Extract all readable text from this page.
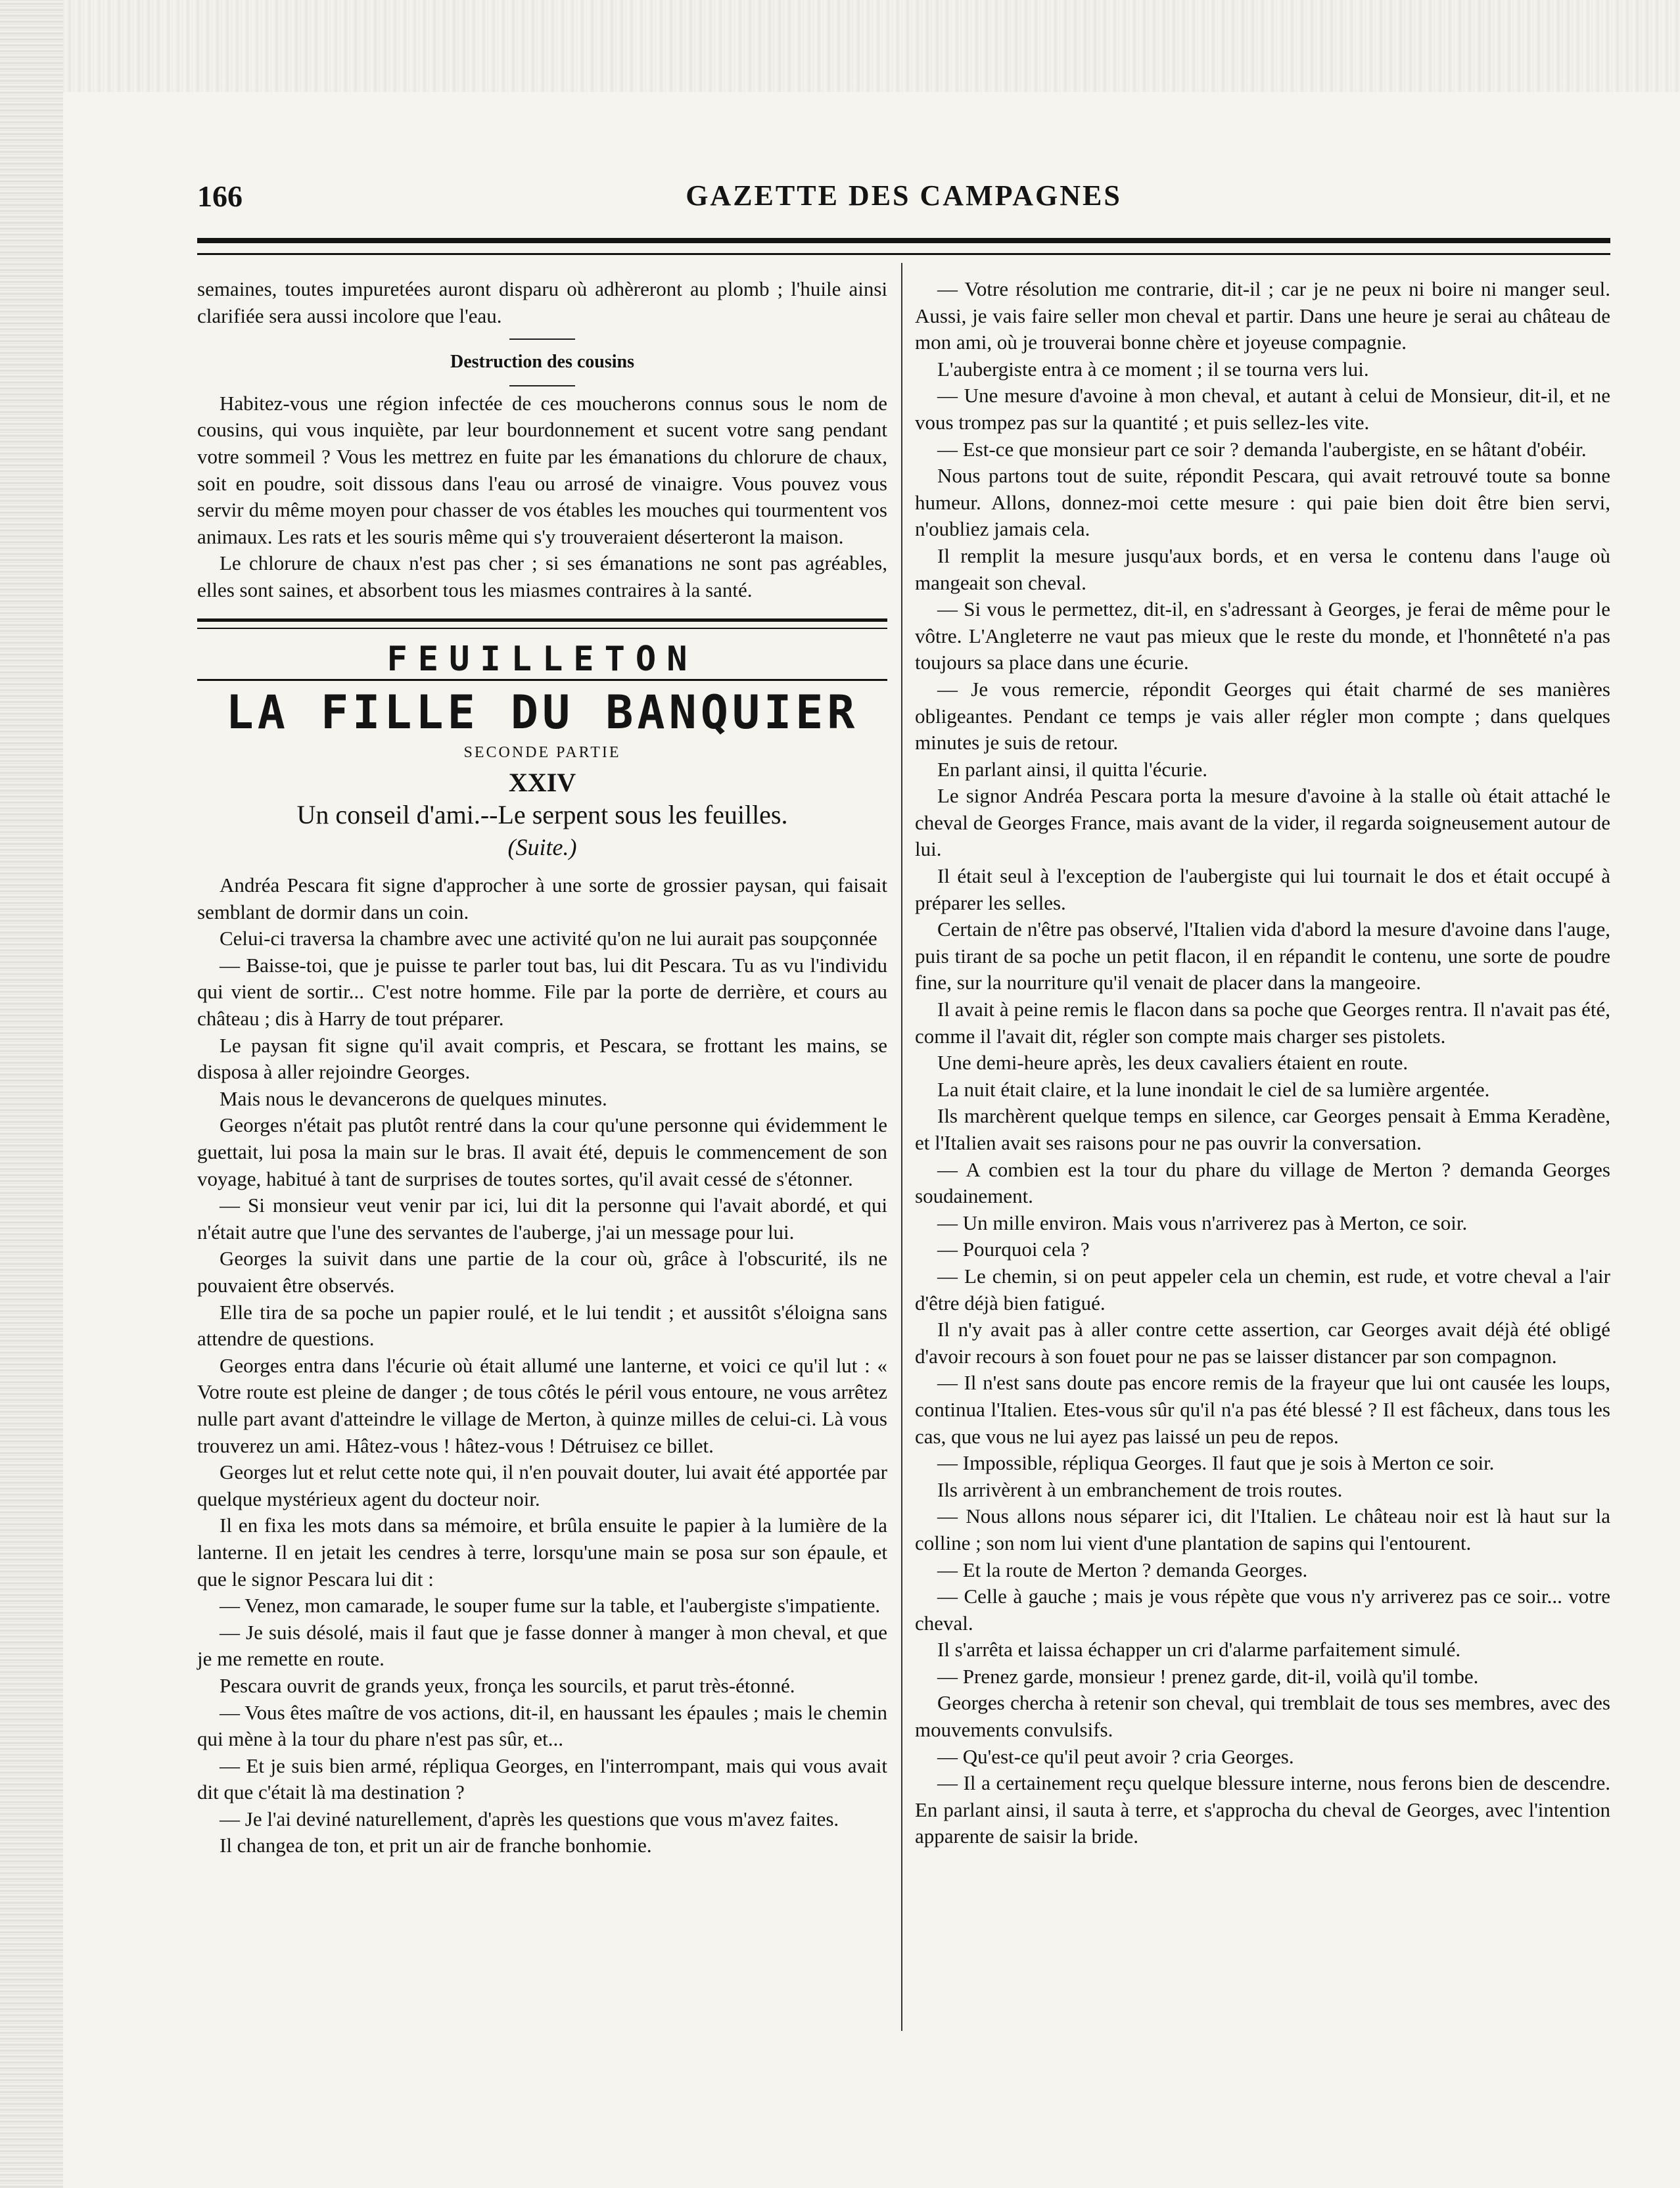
166	GAZETTE DES CAMPAGNES

semaines, toutes impuretées auront disparu où adhèreront au plomb ; l'huile ainsi clarifiée sera aussi incolore que l'eau.

Destruction des cousins

Habitez-vous une région infectée de ces moucherons connus sous le nom de cousins, qui vous inquiète, par leur bourdonnement et sucent votre sang pendant votre sommeil ? Vous les mettrez en fuite par les émanations du chlorure de chaux, soit en poudre, soit dissous dans l'eau ou arrosé de vinaigre. Vous pouvez vous servir du même moyen pour chasser de vos étables les mouches qui tourmentent vos animaux. Les rats et les souris même qui s'y trouveraient déserteront la maison.

Le chlorure de chaux n'est pas cher ; si ses émanations ne sont pas agréables, elles sont saines, et absorbent tous les miasmes contraires à la santé.

FEUILLETON
LA FILLE DU BANQUIER
SECONDE PARTIE
XXIV
Un conseil d'ami.--Le serpent sous les feuilles.
(Suite.)

Andréa Pescara fit signe d'approcher à une sorte de grossier paysan, qui faisait semblant de dormir dans un coin.

Celui-ci traversa la chambre avec une activité qu'on ne lui aurait pas soupçonnée

— Baisse-toi, que je puisse te parler tout bas, lui dit Pescara. Tu as vu l'individu qui vient de sortir... C'est notre homme. File par la porte de derrière, et cours au château ; dis à Harry de tout préparer.

Le paysan fit signe qu'il avait compris, et Pescara, se frottant les mains, se disposa à aller rejoindre Georges.

Mais nous le devancerons de quelques minutes.

Georges n'était pas plutôt rentré dans la cour qu'une personne qui évidemment le guettait, lui posa la main sur le bras. Il avait été, depuis le commencement de son voyage, habitué à tant de surprises de toutes sortes, qu'il avait cessé de s'étonner.

— Si monsieur veut venir par ici, lui dit la personne qui l'avait abordé, et qui n'était autre que l'une des servantes de l'auberge, j'ai un message pour lui.

Georges la suivit dans une partie de la cour où, grâce à l'obscurité, ils ne pouvaient être observés.

Elle tira de sa poche un papier roulé, et le lui tendit ; et aussitôt s'éloigna sans attendre de questions.

Georges entra dans l'écurie où était allumé une lanterne, et voici ce qu'il lut : « Votre route est pleine de danger ; de tous côtés le péril vous entoure, ne vous arrêtez nulle part avant d'atteindre le village de Merton, à quinze milles de celui-ci. Là vous trouverez un ami. Hâtez-vous ! hâtez-vous ! Détruisez ce billet.

Georges lut et relut cette note qui, il n'en pouvait douter, lui avait été apportée par quelque mystérieux agent du docteur noir.

Il en fixa les mots dans sa mémoire, et brûla ensuite le papier à la lumière de la lanterne. Il en jetait les cendres à terre, lorsqu'une main se posa sur son épaule, et que le signor Pescara lui dit :

— Venez, mon camarade, le souper fume sur la table, et l'aubergiste s'impatiente.

— Je suis désolé, mais il faut que je fasse donner à manger à mon cheval, et que je me remette en route.

Pescara ouvrit de grands yeux, fronça les sourcils, et parut très-étonné.

— Vous êtes maître de vos actions, dit-il, en haussant les épaules ; mais le chemin qui mène à la tour du phare n'est pas sûr, et...

— Et je suis bien armé, répliqua Georges, en l'interrompant, mais qui vous avait dit que c'était là ma destination ?

— Je l'ai deviné naturellement, d'après les questions que vous m'avez faites.

Il changea de ton, et prit un air de franche bonhomie.

— Votre résolution me contrarie, dit-il ; car je ne peux ni boire ni manger seul. Aussi, je vais faire seller mon cheval et partir. Dans une heure je serai au château de mon ami, où je trouverai bonne chère et joyeuse compagnie.

L'aubergiste entra à ce moment ; il se tourna vers lui.

— Une mesure d'avoine à mon cheval, et autant à celui de Monsieur, dit-il, et ne vous trompez pas sur la quantité ; et puis sellez-les vite.

— Est-ce que monsieur part ce soir ? demanda l'aubergiste, en se hâtant d'obéir.

Nous partons tout de suite, répondit Pescara, qui avait retrouvé toute sa bonne humeur. Allons, donnez-moi cette mesure : qui paie bien doit être bien servi, n'oubliez jamais cela.

Il remplit la mesure jusqu'aux bords, et en versa le contenu dans l'auge où mangeait son cheval.

— Si vous le permettez, dit-il, en s'adressant à Georges, je ferai de même pour le vôtre. L'Angleterre ne vaut pas mieux que le reste du monde, et l'honnêteté n'a pas toujours sa place dans une écurie.

— Je vous remercie, répondit Georges qui était charmé de ses manières obligeantes. Pendant ce temps je vais aller régler mon compte ; dans quelques minutes je suis de retour.

En parlant ainsi, il quitta l'écurie.

Le signor Andréa Pescara porta la mesure d'avoine à la stalle où était attaché le cheval de Georges France, mais avant de la vider, il regarda soigneusement autour de lui.

Il était seul à l'exception de l'aubergiste qui lui tournait le dos et était occupé à préparer les selles.

Certain de n'être pas observé, l'Italien vida d'abord la mesure d'avoine dans l'auge, puis tirant de sa poche un petit flacon, il en répandit le contenu, une sorte de poudre fine, sur la nourriture qu'il venait de placer dans la mangeoire.

Il avait à peine remis le flacon dans sa poche que Georges rentra. Il n'avait pas été, comme il l'avait dit, régler son compte mais charger ses pistolets.

Une demi-heure après, les deux cavaliers étaient en route.

La nuit était claire, et la lune inondait le ciel de sa lumière argentée.

Ils marchèrent quelque temps en silence, car Georges pensait à Emma Keradène, et l'Italien avait ses raisons pour ne pas ouvrir la conversation.

— A combien est la tour du phare du village de Merton ? demanda Georges soudainement.

— Un mille environ. Mais vous n'arriverez pas à Merton, ce soir.

— Pourquoi cela ?

— Le chemin, si on peut appeler cela un chemin, est rude, et votre cheval a l'air d'être déjà bien fatigué.

Il n'y avait pas à aller contre cette assertion, car Georges avait déjà été obligé d'avoir recours à son fouet pour ne pas se laisser distancer par son compagnon.

— Il n'est sans doute pas encore remis de la frayeur que lui ont causée les loups, continua l'Italien. Etes-vous sûr qu'il n'a pas été blessé ? Il est fâcheux, dans tous les cas, que vous ne lui ayez pas laissé un peu de repos.

— Impossible, répliqua Georges. Il faut que je sois à Merton ce soir.

Ils arrivèrent à un embranchement de trois routes.

— Nous allons nous séparer ici, dit l'Italien. Le château noir est là haut sur la colline ; son nom lui vient d'une plantation de sapins qui l'entourent.

— Et la route de Merton ? demanda Georges.

— Celle à gauche ; mais je vous répète que vous n'y arriverez pas ce soir... votre cheval.

Il s'arrêta et laissa échapper un cri d'alarme parfaitement simulé.

— Prenez garde, monsieur ! prenez garde, dit-il, voilà qu'il tombe.

Georges chercha à retenir son cheval, qui tremblait de tous ses membres, avec des mouvements convulsifs.

— Qu'est-ce qu'il peut avoir ? cria Georges.

— Il a certainement reçu quelque blessure interne, nous ferons bien de descendre. En parlant ainsi, il sauta à terre, et s'approcha du cheval de Georges, avec l'intention apparente de saisir la bride.
